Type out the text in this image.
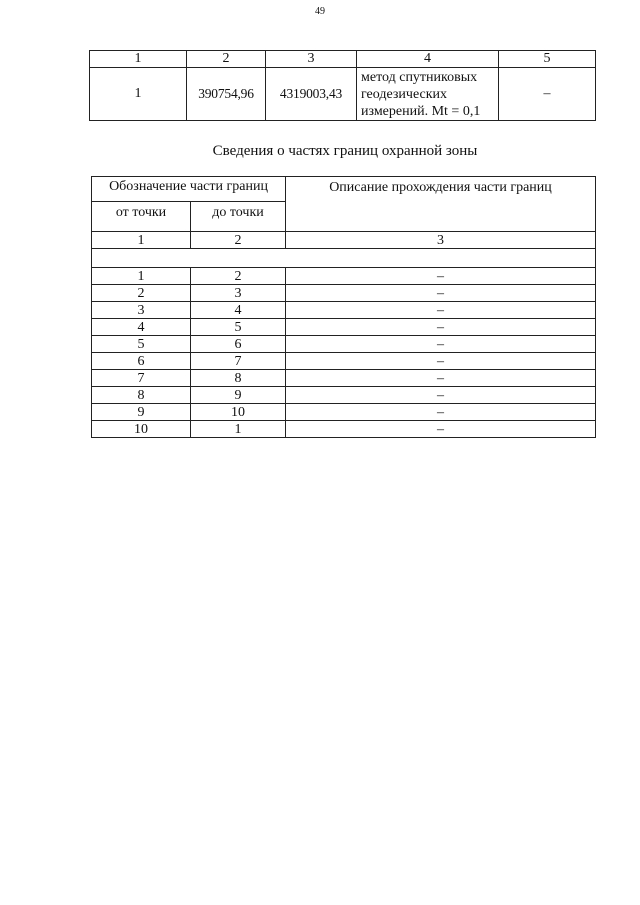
49
1	2	3	4	5
1	390754,96	4319003,43	метод спутниковых
геодезических
измерений. Mt = 0,1	–
Сведения о частях границ охранной зоны
Обозначение части границ		Описание прохождения части границ
от точки	до точки	
1	2	3

1	2	–
2	3	–
3	4	–
4	5	–
5	6	–
6	7	–
7	8	–
8	9	–
9	10	–
10	1	–
